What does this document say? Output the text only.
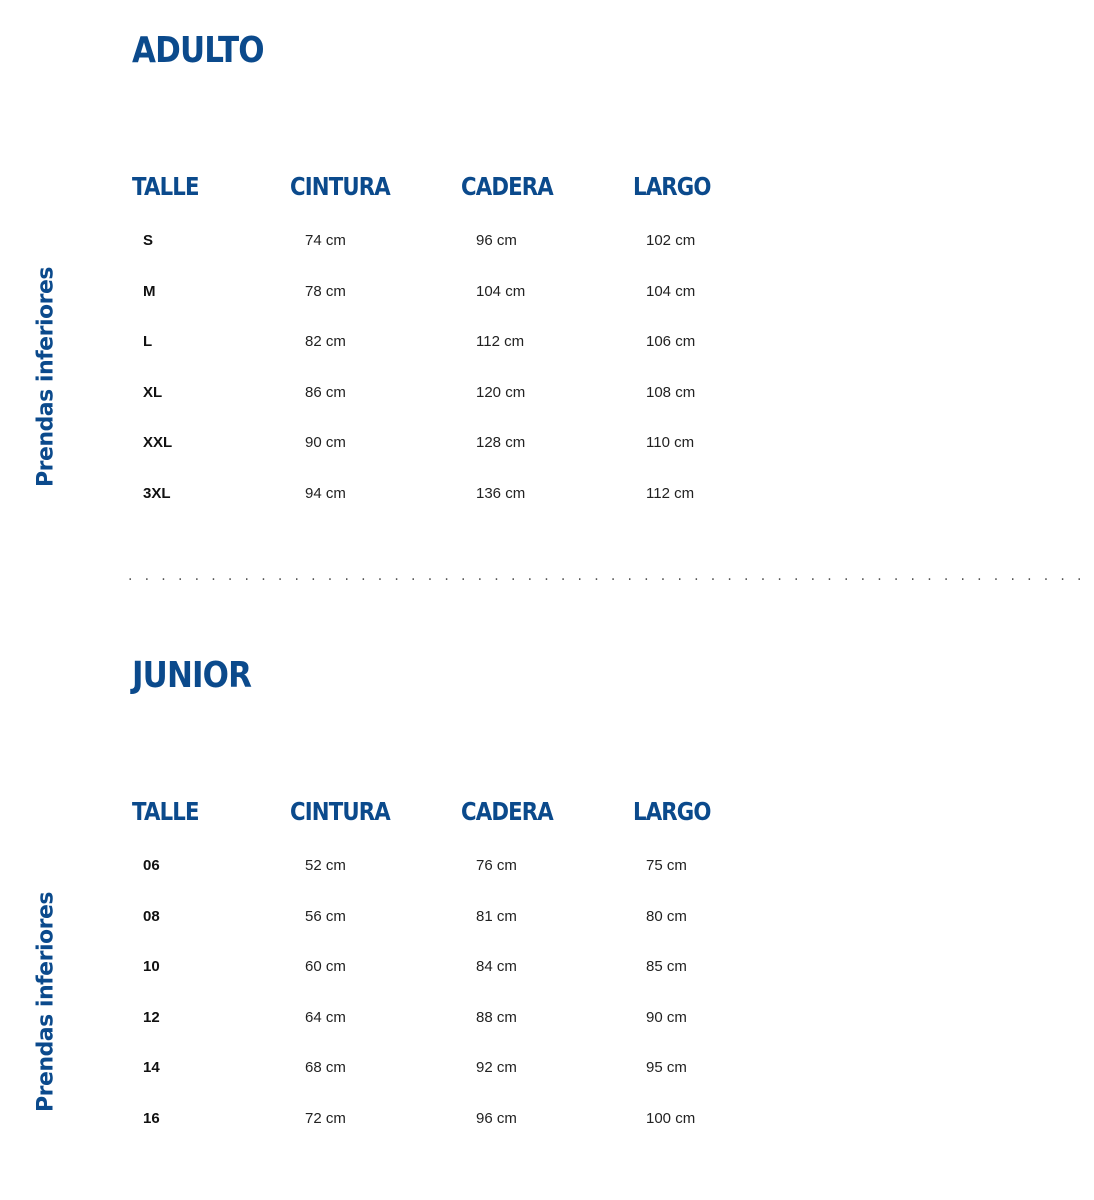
ADULTO
Prendas inferiores
TALLE	CINTURA	CADERA	LARGO
S	74 cm	96 cm	102 cm
M	78 cm	104 cm	104 cm
L	82 cm	112 cm	106 cm
XL	86 cm	120 cm	108 cm
XXL	90 cm	128 cm	110 cm
3XL	94 cm	136 cm	112 cm
··························································
JUNIOR
Prendas inferiores
TALLE	CINTURA	CADERA	LARGO
06	52 cm	76 cm	75 cm
08	56 cm	81 cm	80 cm
10	60 cm	84 cm	85 cm
12	64 cm	88 cm	90 cm
14	68 cm	92 cm	95 cm
16	72 cm	96 cm	100 cm
